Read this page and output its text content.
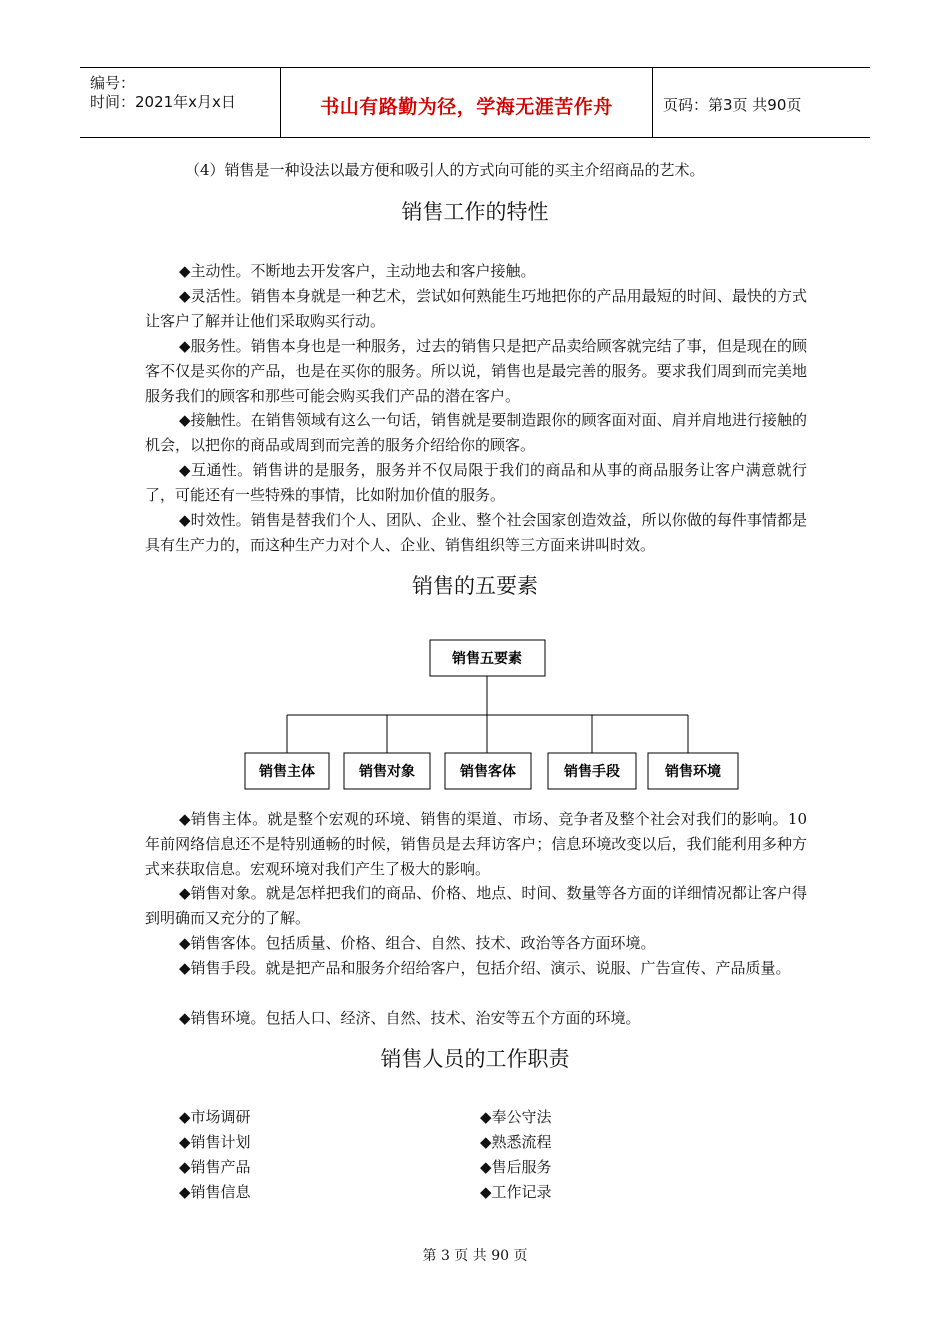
编号：
时间：2021年x月x日	书山有路勤为径，学海无涯苦作舟	页码：第3页 共90页

（4）销售是一种设法以最方便和吸引人的方式向可能的买主介绍商品的艺术。

销售工作的特性

◆主动性。不断地去开发客户，主动地去和客户接触。

◆灵活性。销售本身就是一种艺术，尝试如何熟能生巧地把你的产品用最短的时间、最快的方式让客户了解并让他们采取购买行动。

◆服务性。销售本身也是一种服务，过去的销售只是把产品卖给顾客就完结了事，但是现在的顾客不仅是买你的产品，也是在买你的服务。所以说，销售也是最完善的服务。要求我们周到而完美地服务我们的顾客和那些可能会购买我们产品的潜在客户。

◆接触性。在销售领域有这么一句话，销售就是要制造跟你的顾客面对面、肩并肩地进行接触的机会，以把你的商品或周到而完善的服务介绍给你的顾客。

◆互通性。销售讲的是服务，服务并不仅局限于我们的商品和从事的商品服务让客户满意就行了，可能还有一些特殊的事情，比如附加价值的服务。

◆时效性。销售是替我们个人、团队、企业、整个社会国家创造效益，所以你做的每件事情都是具有生产力的，而这种生产力对个人、企业、销售组织等三方面来讲叫时效。

销售的五要素
销售五要素
销售主体	销售对象	销售客体	销售手段	销售环境

◆销售主体。就是整个宏观的环境、销售的渠道、市场、竞争者及整个社会对我们的影响。10年前网络信息还不是特别通畅的时候，销售员是去拜访客户；信息环境改变以后，我们能利用多种方式来获取信息。宏观环境对我们产生了极大的影响。

◆销售对象。就是怎样把我们的商品、价格、地点、时间、数量等各方面的详细情况都让客户得到明确而又充分的了解。

◆销售客体。包括质量、价格、组合、自然、技术、政治等各方面环境。

◆销售手段。就是把产品和服务介绍给客户，包括介绍、演示、说服、广告宣传、产品质量。

◆销售环境。包括人口、经济、自然、技术、治安等五个方面的环境。

销售人员的工作职责
◆市场调研
◆销售计划
◆销售产品
◆销售信息
◆奉公守法
◆熟悉流程
◆售后服务
◆工作记录
第 3 页 共 90 页
